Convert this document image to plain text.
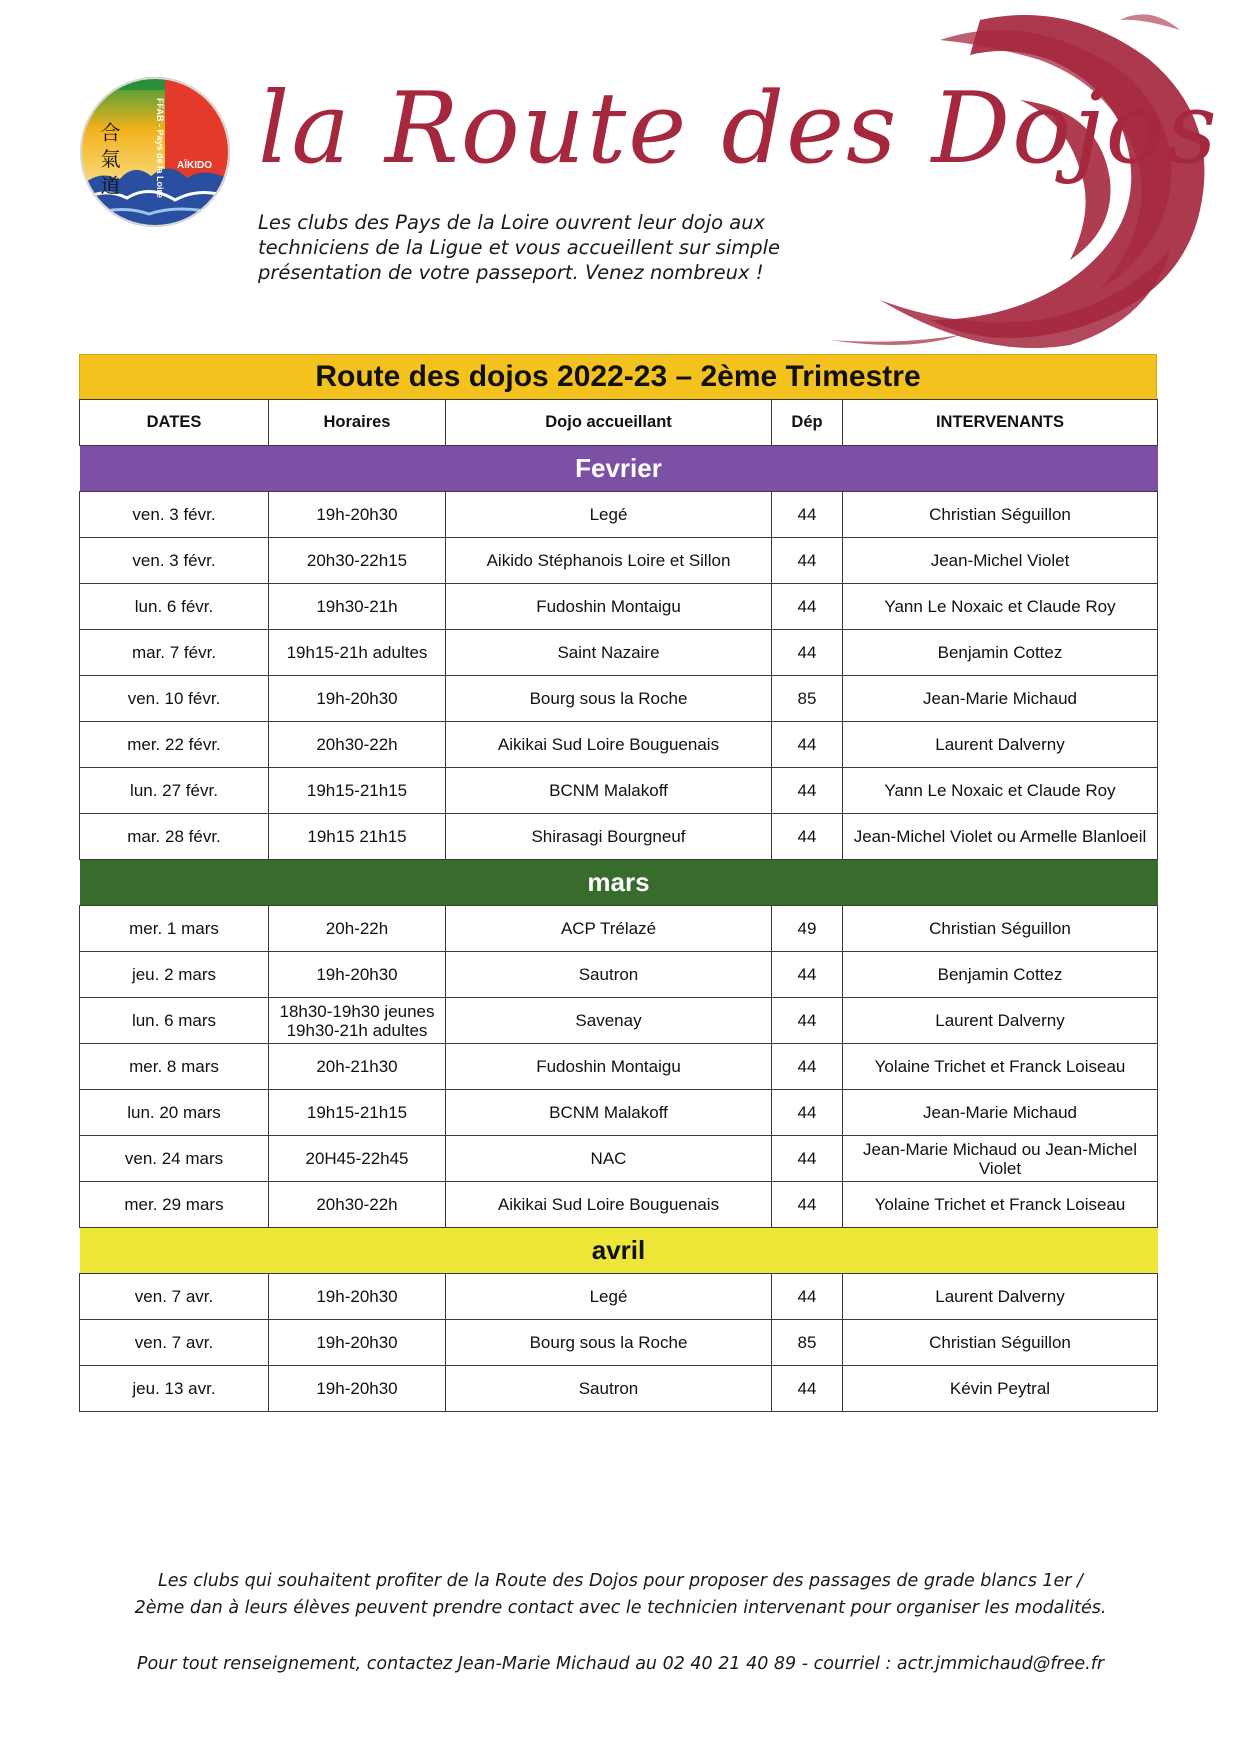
合 氣 道	FFAB - Pays de la Loire AÏKIDO la Route des Dojos

Les clubs des Pays de la Loire ouvrent leur dojo aux
techniciens de la Ligue et vous accueillent sur simple
présentation de votre passeport. Venez nombreux !

Route des dojos 2022-23 – 2ème Trimestre
DATES	Horaires	Dojo accueillant	Dép	INTERVENANTS
Fevrier				
ven. 3 févr.	19h-20h30	Legé	44	Christian Séguillon
ven. 3 févr.	20h30-22h15	Aikido Stéphanois Loire et Sillon	44	Jean-Michel Violet
lun. 6 févr.	19h30-21h	Fudoshin Montaigu	44	Yann Le Noxaic et Claude Roy
mar. 7 févr.	19h15-21h adultes	Saint Nazaire	44	Benjamin Cottez
ven. 10 févr.	19h-20h30	Bourg sous la Roche	85	Jean-Marie Michaud
mer. 22 févr.	20h30-22h	Aikikai Sud Loire Bouguenais	44	Laurent Dalverny
lun. 27 févr.	19h15-21h15	BCNM Malakoff	44	Yann Le Noxaic et Claude Roy
mar. 28 févr.	19h15 21h15	Shirasagi Bourgneuf	44	Jean-Michel Violet ou Armelle Blanloeil
mars				
mer. 1 mars	20h-22h	ACP Trélazé	49	Christian Séguillon
jeu. 2 mars	19h-20h30	Sautron	44	Benjamin Cottez
lun. 6 mars	18h30-19h30 jeunes
19h30-21h adultes	Savenay	44	Laurent Dalverny
mer. 8 mars	20h-21h30	Fudoshin Montaigu	44	Yolaine Trichet et Franck Loiseau
lun. 20 mars	19h15-21h15	BCNM Malakoff	44	Jean-Marie Michaud
ven. 24 mars	20H45-22h45	NAC	44	Jean-Marie Michaud ou Jean-Michel
Violet
mer. 29 mars	20h30-22h	Aikikai Sud Loire Bouguenais	44	Yolaine Trichet et Franck Loiseau
avril				
ven. 7 avr.	19h-20h30	Legé	44	Laurent Dalverny
ven. 7 avr.	19h-20h30	Bourg sous la Roche	85	Christian Séguillon
jeu. 13 avr.	19h-20h30	Sautron	44	Kévin Peytral

Les clubs qui souhaitent profiter de la Route des Dojos pour proposer des passages de grade blancs 1er /
2ème dan à leurs élèves peuvent prendre contact avec le technicien intervenant pour organiser les modalités.

Pour tout renseignement, contactez Jean-Marie Michaud au 02 40 21 40 89 - courriel : actr.jmmichaud@free.fr
